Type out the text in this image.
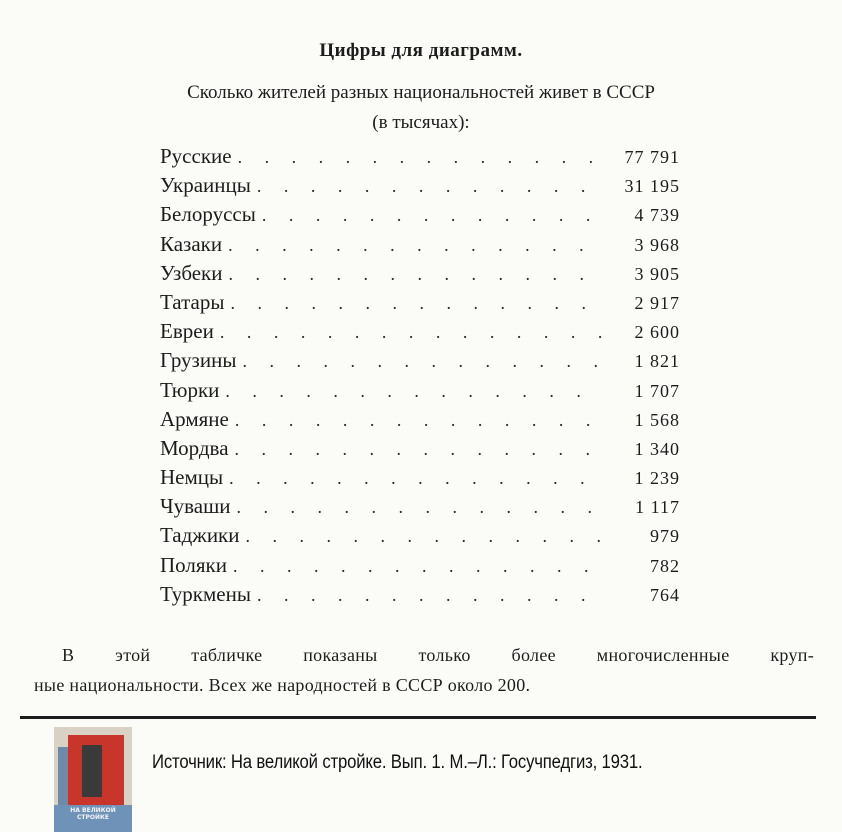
Цифры для диаграмм.
Сколько жителей разных национальностей живет в СССР
(в тысячах):
Русские . . .	77 791
Украинцы . . .	31 195
Белоруссы . . .	4 739
Казаки . . .	3 968
Узбеки . . .	3 905
Татары . . .	2 917
Евреи . . .	2 600
Грузины . . .	1 821
Тюрки . . .	1 707
Армяне . . .	1 568
Мордва . . .	1 340
Немцы . . .	1 239
Чуваши . . .	1 117
Таджики . . .	979
Поляки . . .	782
Туркмены . . .	764
В этой табличке показаны только более многочисленные круп-
ные национальности. Всех же народностей в СССР около 200.
НА ВЕЛИКОЙ СТРОЙКЕ
Источник: На великой стройке. Вып. 1. М.–Л.: Госучпедгиз, 1931.
